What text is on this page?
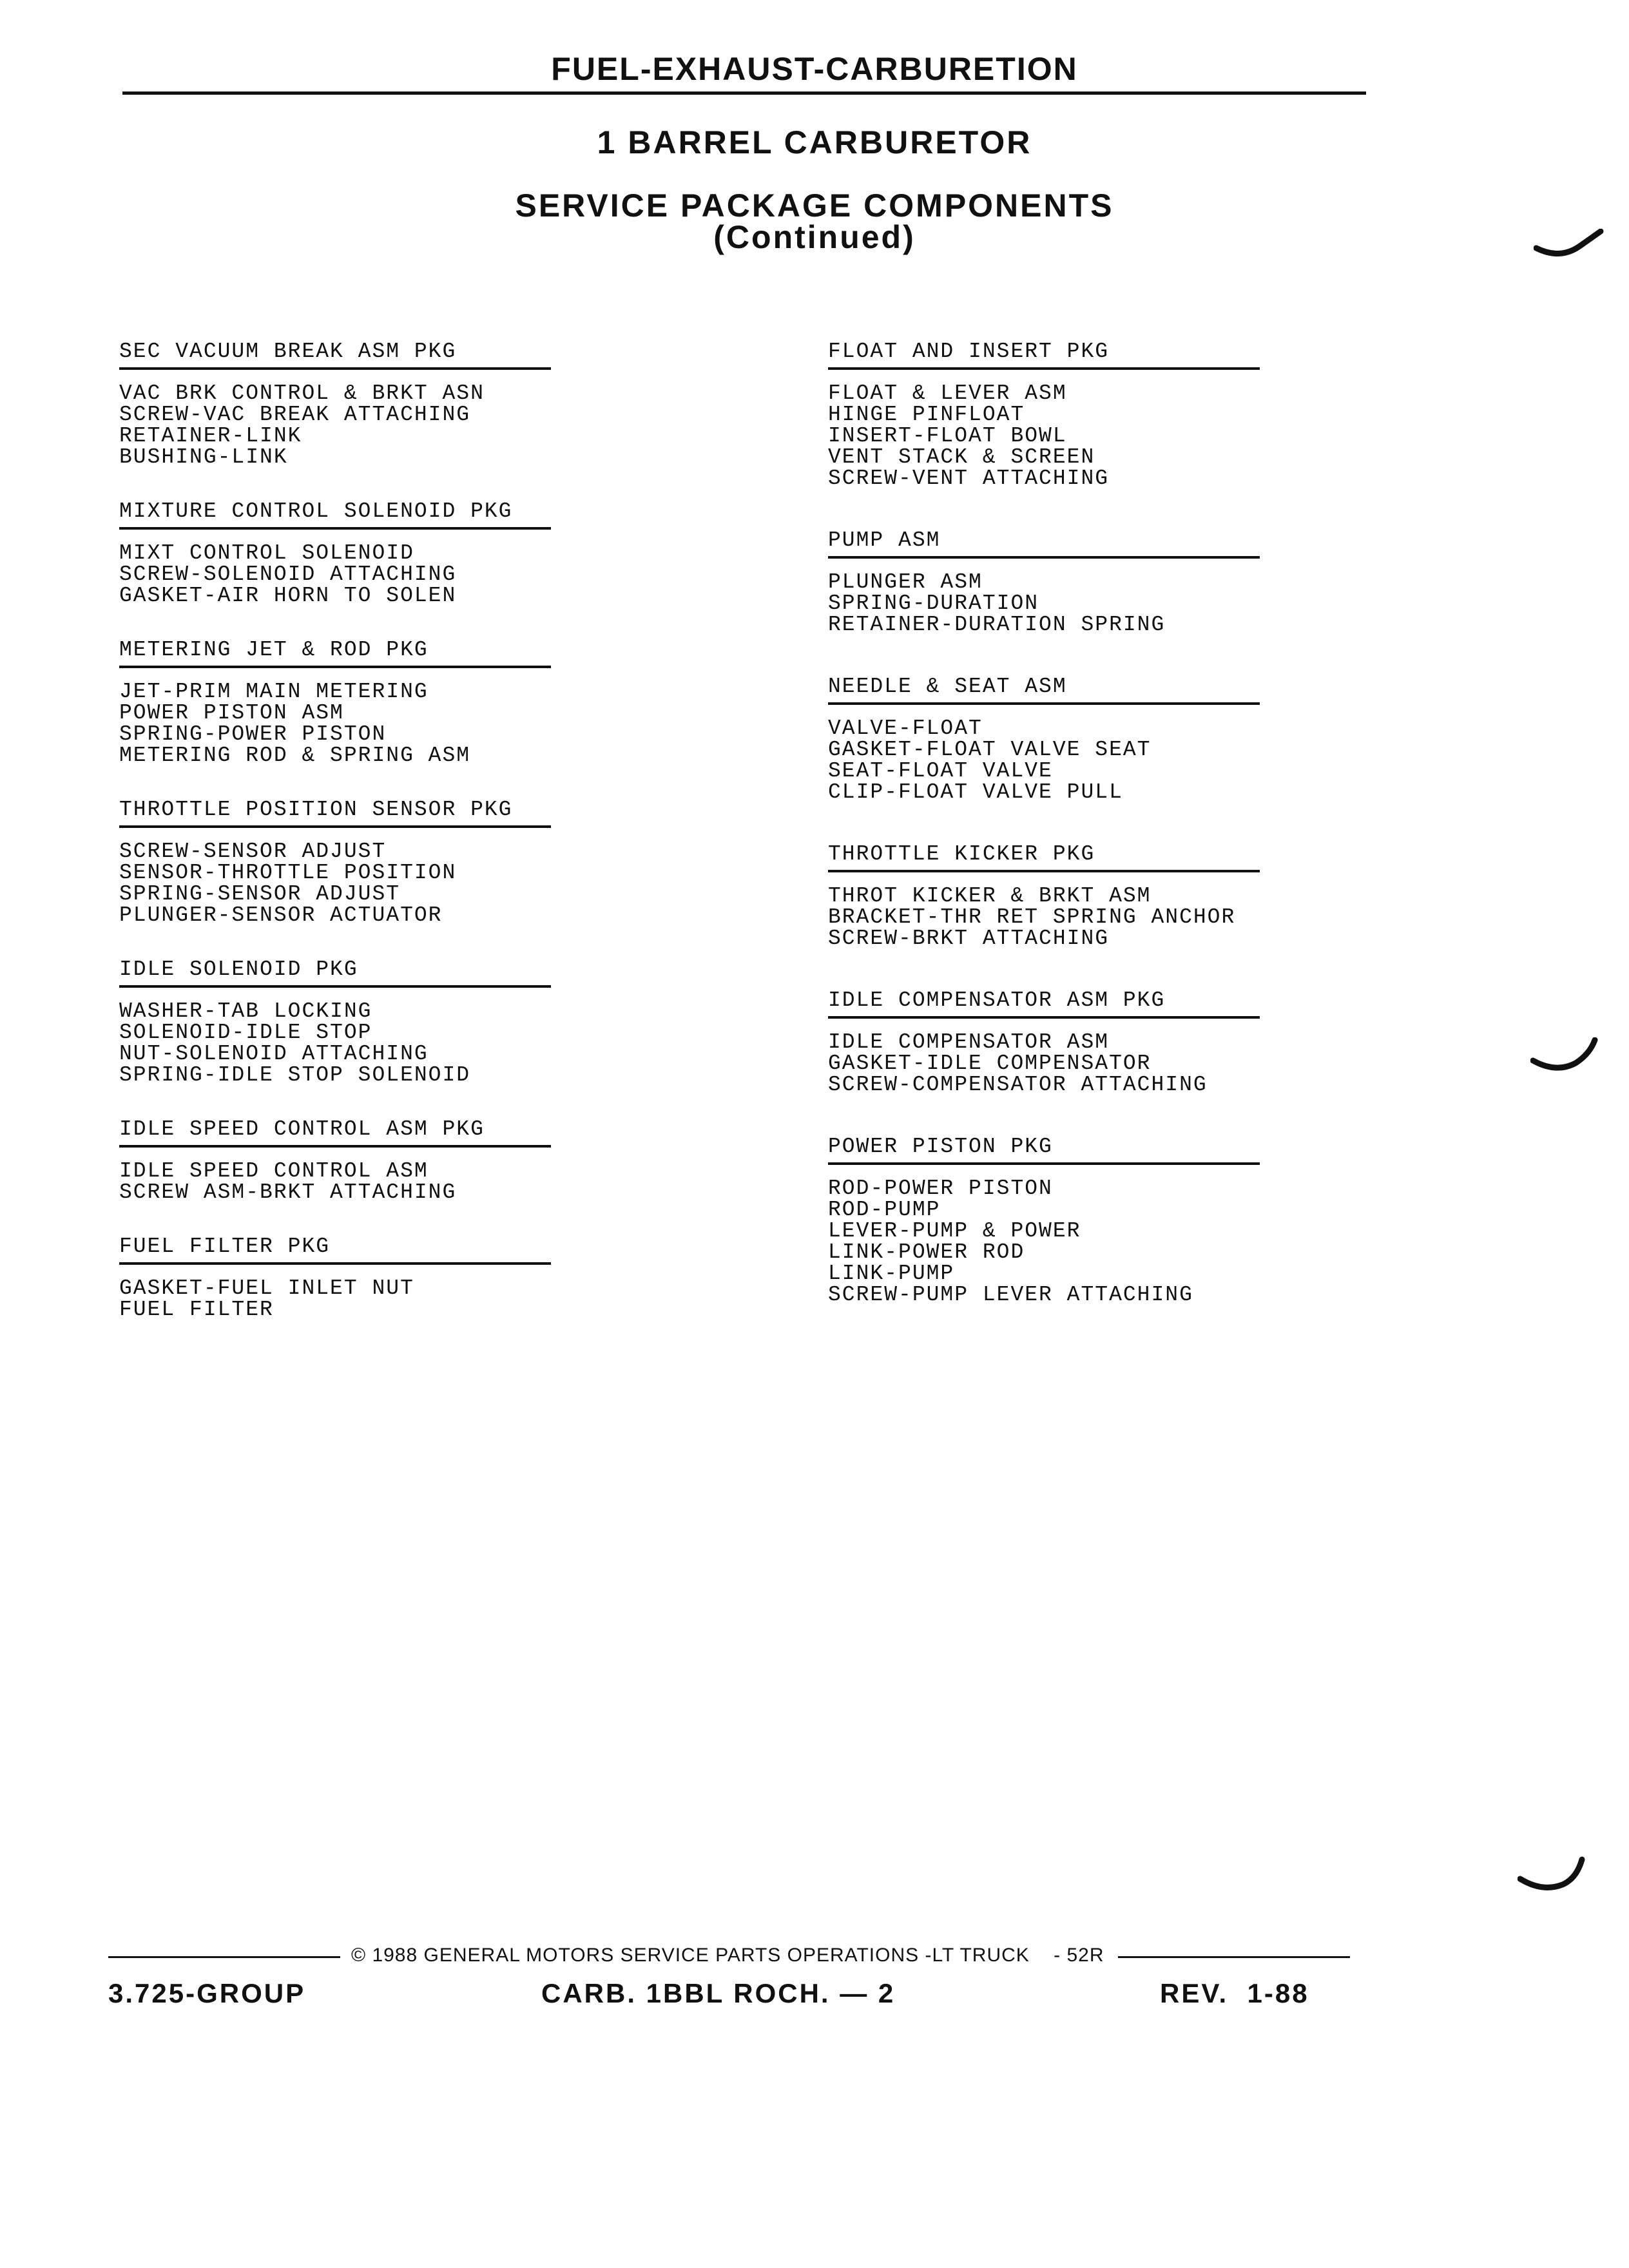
FUEL-EXHAUST-CARBURETION
1 BARREL CARBURETOR
SERVICE PACKAGE COMPONENTS
(Continued)
SEC VACUUM BREAK ASM PKG
VAC BRK CONTROL & BRKT ASN
SCREW-VAC BREAK ATTACHING
RETAINER-LINK
BUSHING-LINK
MIXTURE CONTROL SOLENOID PKG
MIXT CONTROL SOLENOID
SCREW-SOLENOID ATTACHING
GASKET-AIR HORN TO SOLEN
METERING JET & ROD PKG
JET-PRIM MAIN METERING
POWER PISTON ASM
SPRING-POWER PISTON
METERING ROD & SPRING ASM
THROTTLE POSITION SENSOR PKG
SCREW-SENSOR ADJUST
SENSOR-THROTTLE POSITION
SPRING-SENSOR ADJUST
PLUNGER-SENSOR ACTUATOR
IDLE SOLENOID PKG
WASHER-TAB LOCKING
SOLENOID-IDLE STOP
NUT-SOLENOID ATTACHING
SPRING-IDLE STOP SOLENOID
IDLE SPEED CONTROL ASM PKG
IDLE SPEED CONTROL ASM
SCREW ASM-BRKT ATTACHING
FUEL FILTER PKG
GASKET-FUEL INLET NUT
FUEL FILTER
FLOAT AND INSERT PKG
FLOAT & LEVER ASM
HINGE PINFLOAT
INSERT-FLOAT BOWL
VENT STACK & SCREEN
SCREW-VENT ATTACHING
PUMP ASM
PLUNGER ASM
SPRING-DURATION
RETAINER-DURATION SPRING
NEEDLE & SEAT ASM
VALVE-FLOAT
GASKET-FLOAT VALVE SEAT
SEAT-FLOAT VALVE
CLIP-FLOAT VALVE PULL
THROTTLE KICKER PKG
THROT KICKER & BRKT ASM
BRACKET-THR RET SPRING ANCHOR
SCREW-BRKT ATTACHING
IDLE COMPENSATOR ASM PKG
IDLE COMPENSATOR ASM
GASKET-IDLE COMPENSATOR
SCREW-COMPENSATOR ATTACHING
POWER PISTON PKG
ROD-POWER PISTON
ROD-PUMP
LEVER-PUMP & POWER
LINK-POWER ROD
LINK-PUMP
SCREW-PUMP LEVER ATTACHING
© 1988 GENERAL MOTORS SERVICE PARTS OPERATIONS -LT TRUCK    - 52R
3.725-GROUP	CARB. 1BBL ROCH. — 2	REV.  1-88
